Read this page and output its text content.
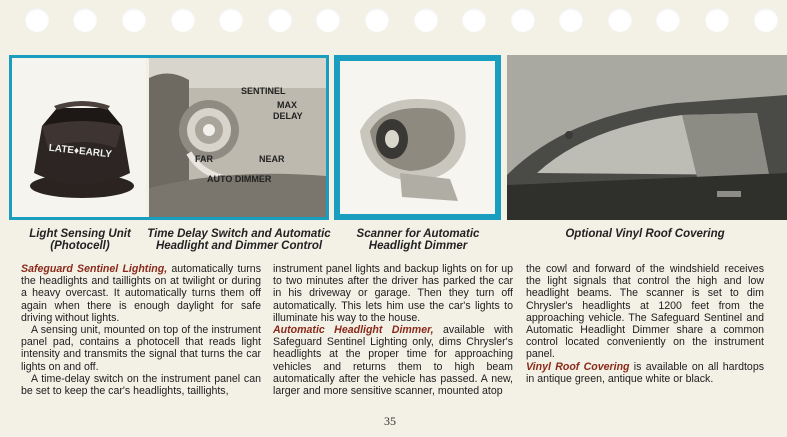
LATE♦EARLY
SENTINEL
MAX
DELAY
FAR	NEAR
AUTO DIMMER
Light Sensing Unit
(Photocell)
Time Delay Switch and Automatic
Headlight and Dimmer Control
Scanner for Automatic
Headlight Dimmer
Optional Vinyl Roof Covering

Safeguard Sentinel Lighting, automatically turns the headlights and taillights on at twilight or during a heavy overcast. It automatically turns them off again when there is enough daylight for safe driving without lights.

A sensing unit, mounted on top of the instrument panel pad, contains a photocell that reads light intensity and transmits the signal that turns the car lights on and off.

A time-delay switch on the instrument panel can be set to keep the car's headlights, taillights,

instrument panel lights and backup lights on for up to two minutes after the driver has parked the car in his driveway or garage. Then they turn off automatically. This lets him use the car's lights to illuminate his way to the house.

Automatic Headlight Dimmer, available with Safeguard Sentinel Lighting only, dims Chrysler's headlights at the proper time for approaching vehicles and returns them to high beam automatically after the vehicle has passed. A new, larger and more sensitive scanner, mounted atop

the cowl and forward of the windshield receives the light signals that control the high and low headlight beams. The scanner is set to dim Chrysler's headlights at 1200 feet from the approaching vehicle. The Safeguard Sentinel and Automatic Headlight Dimmer share a common control located conveniently on the instrument panel.

Vinyl Roof Covering is available on all hardtops in antique green, antique white or black.

35
